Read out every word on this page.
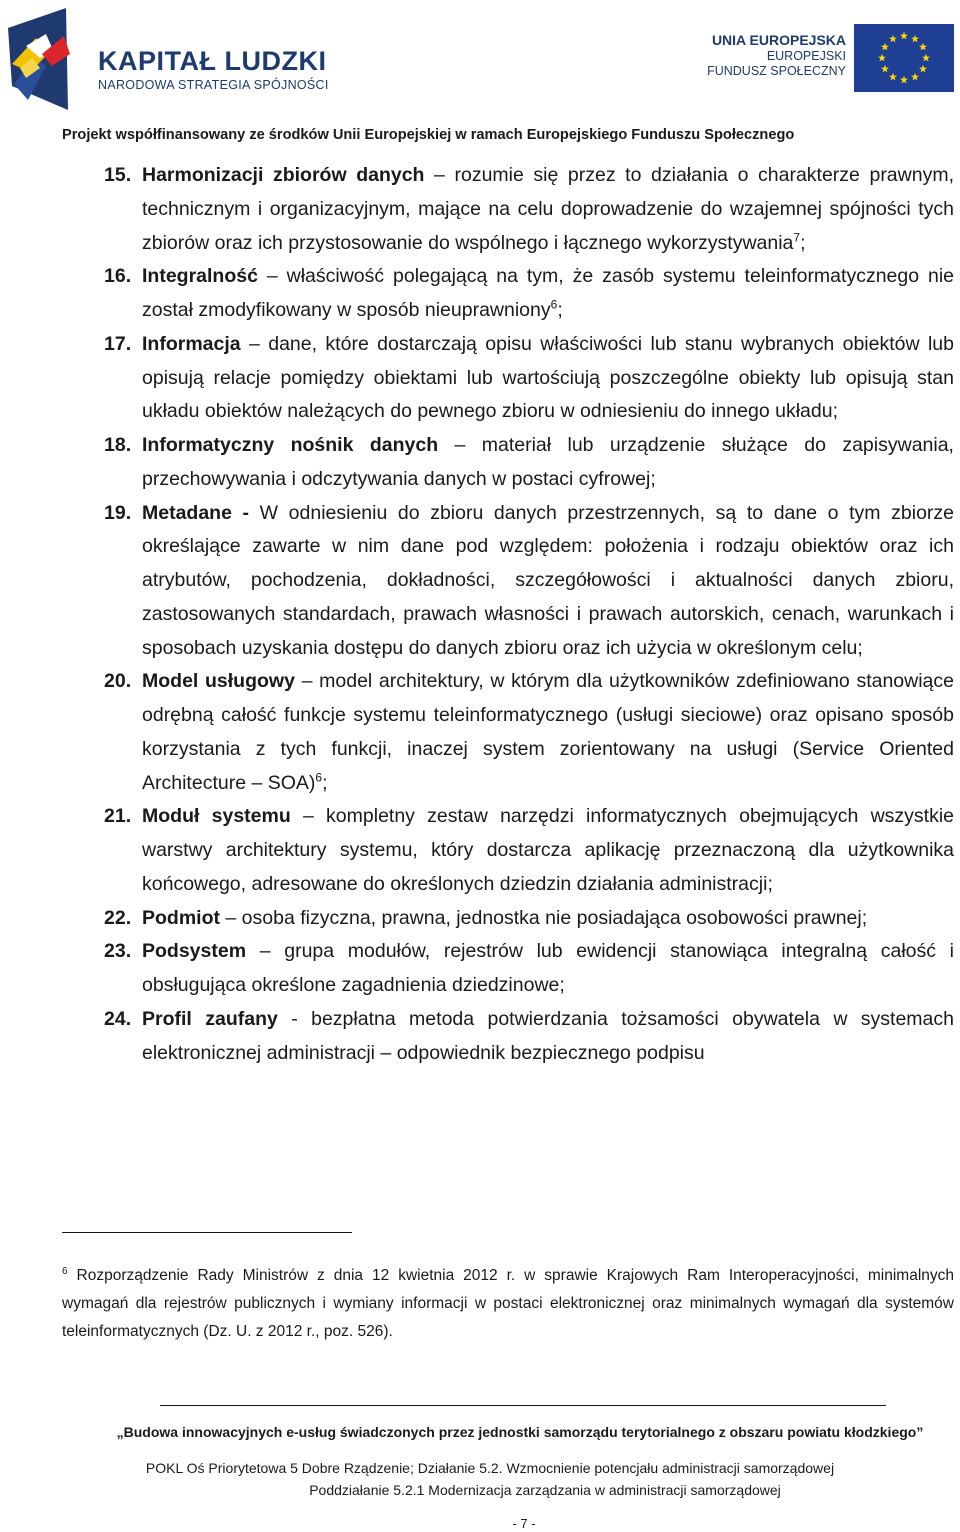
KAPITAŁ LUDZKI
NARODOWA STRATEGIA SPÓJNOŚCI
UNIA EUROPEJSKA
EUROPEJSKI
FUNDUSZ SPOŁECZNY
Projekt współfinansowany ze środków Unii Europejskiej w ramach Europejskiego Funduszu Społecznego
15. Harmonizacji zbiorów danych – rozumie się przez to działania o charakterze prawnym, technicznym i organizacyjnym, mające na celu doprowadzenie do wzajemnej spójności tych zbiorów oraz ich przystosowanie do wspólnego i łącznego wykorzystywania$^7$;
16. Integralność – właściwość polegającą na tym, że zasób systemu teleinformatycznego nie został zmodyfikowany w sposób nieuprawniony$^6$;
17. Informacja – dane, które dostarczają opisu właściwości lub stanu wybranych obiektów lub opisują relacje pomiędzy obiektami lub wartościują poszczególne obiekty lub opisują stan układu obiektów należących do pewnego zbioru w odniesieniu do innego układu;
18. Informatyczny nośnik danych – materiał lub urządzenie służące do zapisywania, przechowywania i odczytywania danych w postaci cyfrowej;
19. Metadane - W odniesieniu do zbioru danych przestrzennych, są to dane o tym zbiorze określające zawarte w nim dane pod względem: położenia i rodzaju obiektów oraz ich atrybutów, pochodzenia, dokładności, szczegółowości i aktualności danych zbioru, zastosowanych standardach, prawach własności i prawach autorskich, cenach, warunkach i sposobach uzyskania dostępu do danych zbioru oraz ich użycia w określonym celu;
20. Model usługowy – model architektury, w którym dla użytkowników zdefiniowano stanowiące odrębną całość funkcje systemu teleinformatycznego (usługi sieciowe) oraz opisano sposób korzystania z tych funkcji, inaczej system zorientowany na usługi (Service Oriented Architecture – SOA)$^6$;
21. Moduł systemu – kompletny zestaw narzędzi informatycznych obejmujących wszystkie warstwy architektury systemu, który dostarcza aplikację przeznaczoną dla użytkownika końcowego, adresowane do określonych dziedzin działania administracji;
22. Podmiot – osoba fizyczna, prawna, jednostka nie posiadająca osobowości prawnej;
23. Podsystem – grupa modułów, rejestrów lub ewidencji stanowiąca integralną całość i obsługująca określone zagadnienia dziedzinowe;
24. Profil zaufany - bezpłatna metoda potwierdzania tożsamości obywatela w systemach elektronicznej administracji – odpowiednik bezpiecznego podpisu
$^6$ Rozporządzenie Rady Ministrów z dnia 12 kwietnia 2012 r. w sprawie Krajowych Ram Interoperacyjności, minimalnych wymagań dla rejestrów publicznych i wymiany informacji w postaci elektronicznej oraz minimalnych wymagań dla systemów teleinformatycznych (Dz. U. z 2012 r., poz. 526).
„Budowa innowacyjnych e-usług świadczonych przez jednostki samorządu terytorialnego z obszaru powiatu kłodzkiego”
POKL Oś Priorytetowa 5 Dobre Rządzenie; Działanie 5.2. Wzmocnienie potencjału administracji samorządowej
Poddziałanie 5.2.1 Modernizacja zarządzania w administracji samorządowej
- 7 -
